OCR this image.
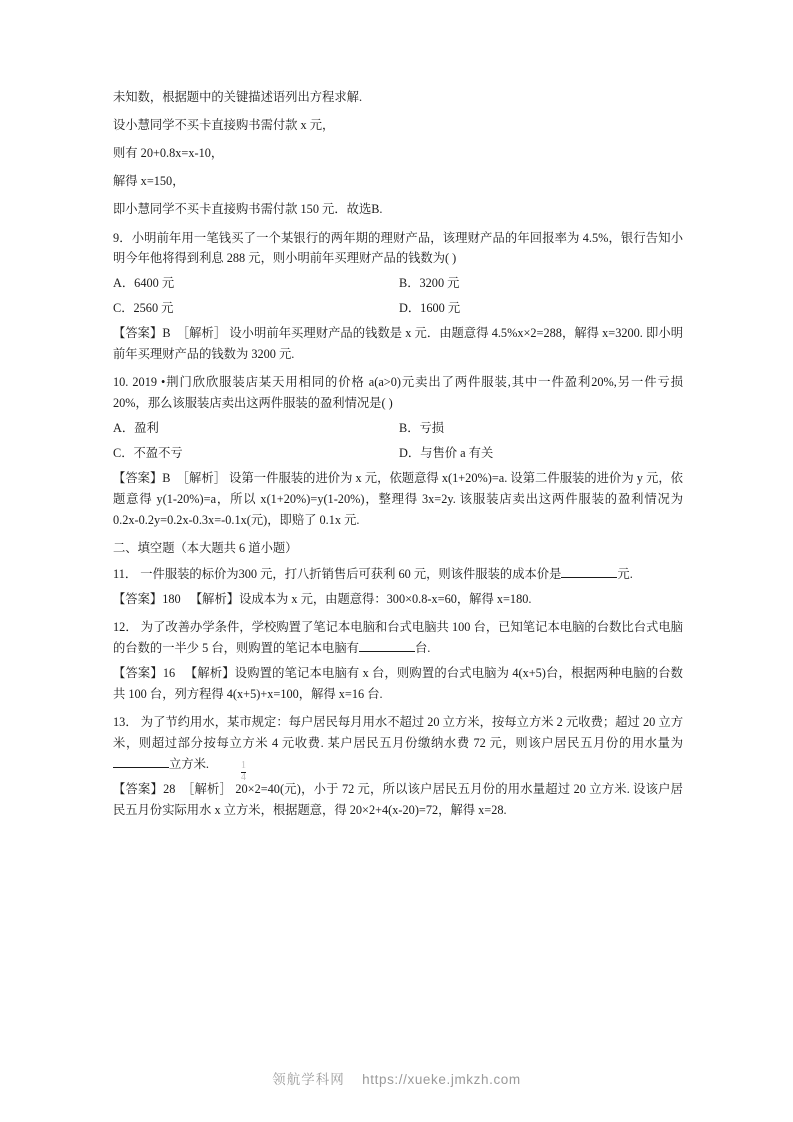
未知数，根据题中的关键描述语列出方程求解.

设小慧同学不买卡直接购书需付款 x 元，

则有 20+0.8x=x-10，

解得 x=150，

即小慧同学不买卡直接购书需付款 150 元．故选B.

9．小明前年用一笔钱买了一个某银行的两年期的理财产品，该理财产品的年回报率为 4.5%，银行告知小明今年他将得到利息 288 元，则小明前年买理财产品的钱数为( )

A．6400 元	B．3200 元
C．2560 元	D．1600 元

【答案】B ［解析］ 设小明前年买理财产品的钱数是 x 元．由题意得 4.5%x×2=288，解得 x=3200. 即小明前年买理财产品的钱数为 3200 元.

10. 2019 •荆门欣欣服装店某天用相同的价格 a(a>0)元卖出了两件服装,其中一件盈利20%,另一件亏损 20%，那么该服装店卖出这两件服装的盈利情况是( )

A．盈利	B．亏损
C．不盈不亏	D．与售价 a 有关

【答案】B ［解析］ 设第一件服装的进价为 x 元，依题意得 x(1+20%)=a. 设第二件服装的进价为 y 元，依题意得 y(1-20%)=a，所以 x(1+20%)=y(1-20%)，整理得 3x=2y. 该服装店卖出这两件服装的盈利情况为 0.2x-0.2y=0.2x-0.3x=-0.1x(元)，即赔了 0.1x 元.

二、填空题（本大题共 6 道小题）

11． 一件服装的标价为300 元，打八折销售后可获利 60 元，则该件服装的成本价是	元.

【答案】180 【解析】设成本为 x 元，由题意得：300×0.8-x=60，解得 x=180.

12． 为了改善办学条件，学校购置了笔记本电脑和台式电脑共 100 台，已知笔记本电脑的台数比台式电脑的台数的一半少 5 台，则购置的笔记本电脑有	台.

【答案】16 【解析】设购置的笔记本电脑有 x 台，则购置的台式电脑为 4(x+5)台，根据两种电脑的台数共 100 台，列方程得 4(x+5)+x=100，解得 x=16 台.

13． 为了节约用水，某市规定：每户居民每月用水不超过 20 立方米，按每立方米 2 元收费；超过 20 立方米，则超过部分按每立方米 4 元收费. 某户居民五月份缴纳水费 72 元，则该户居民五月份的用水量为立方米.

【答案】28 ［解析］ 20×2=40(元)，小于 72 元，所以该户居民五月份的用水量超过 20 立方米. 设该户居民五月份实际用水 x 立方米，根据题意，得 20×2+4(x-20)=72，解得 x=28.

$\frac{1}{4}$
领航学科网 https://xueke.jmkzh.com
